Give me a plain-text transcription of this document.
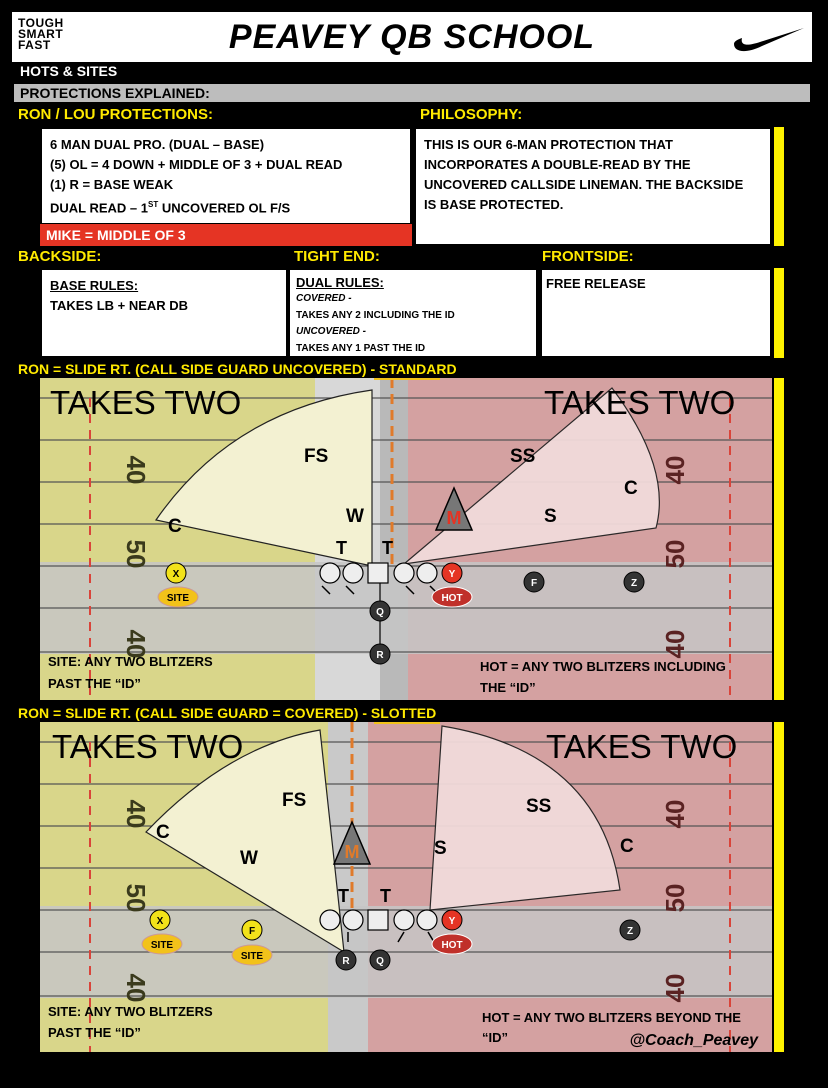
TOUGH
SMART
FAST	PEAVEY QB SCHOOL
HOTS & SITES
PROTECTIONS EXPLAINED:
RON / LOU PROTECTIONS:	PHILOSOPHY:
6 MAN DUAL PRO. (DUAL – BASE)
(5) OL = 4 DOWN + MIDDLE OF 3 + DUAL READ
(1) R = BASE WEAK
DUAL READ – 1ST UNCOVERED OL F/S
MIKE = MIDDLE OF 3
THIS IS OUR 6-MAN PROTECTION THAT
INCORPORATES A DOUBLE-READ BY THE
UNCOVERED CALLSIDE LINEMAN. THE BACKSIDE
IS BASE PROTECTED.
BACKSIDE:	TIGHT END:	FRONTSIDE:
BASE RULES:
TAKES LB + NEAR DB
DUAL RULES:
COVERED -
TAKES ANY 2 INCLUDING THE ID
UNCOVERED -
TAKES ANY 1 PAST THE ID
FREE RELEASE
RON = SLIDE RT. (CALL SIDE GUARD UNCOVERED) - STANDARD
40
50
40
40
50
40
TAKES TWO	TAKES TWO
FS	SS
C
C
W	S
M
T T
X
SITE
Y
HOT
F	Z
Q
R
SITE: ANY TWO BLITZERS
PAST THE “ID”
HOT = ANY TWO BLITZERS INCLUDING
THE “ID”
RON = SLIDE RT. (CALL SIDE GUARD = COVERED) - SLOTTED
40
50
40
40
50
40
TAKES TWO	TAKES TWO
FS	SS
C
C
W	S
M
T T
X
SITE
F
SITE
Y
HOT
Z
R	Q
SITE: ANY TWO BLITZERS
PAST THE “ID”
HOT = ANY TWO BLITZERS BEYOND THE
“ID”	@Coach_Peavey
